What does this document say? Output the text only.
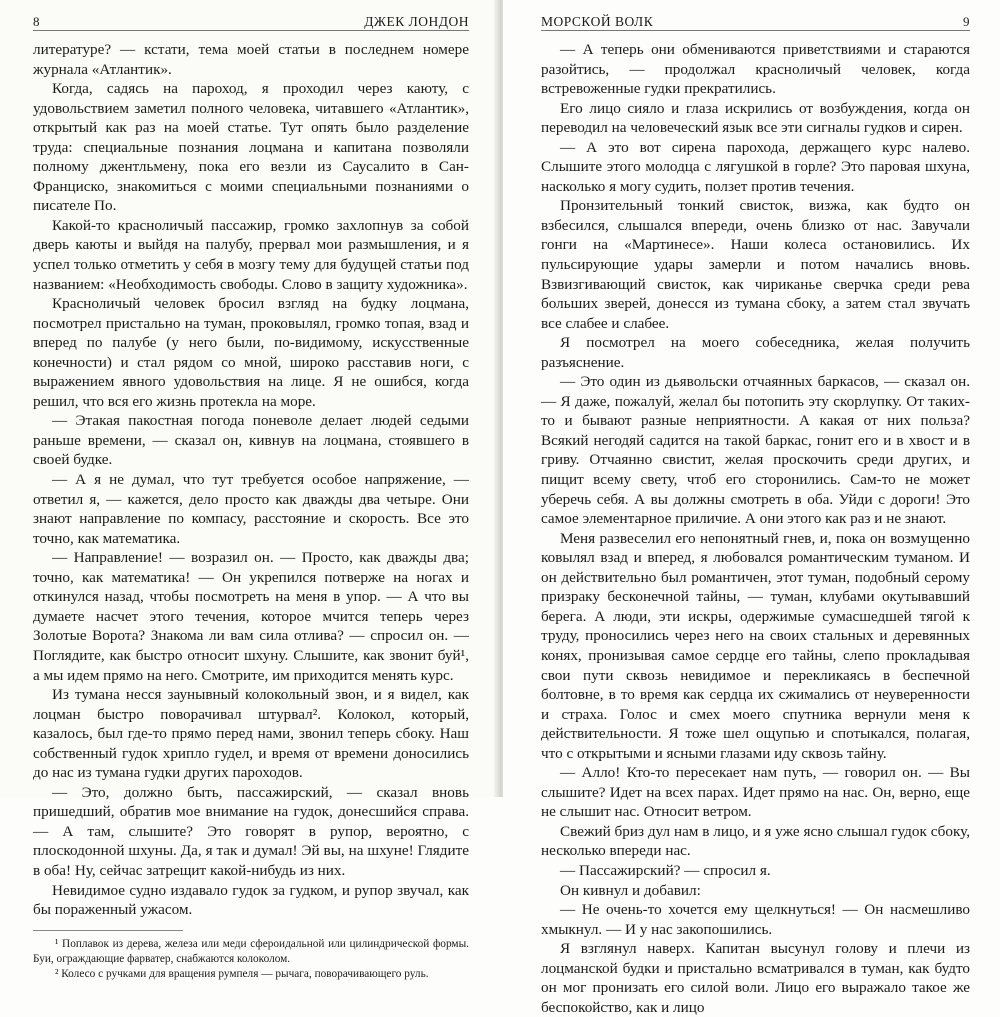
8	ДЖЕК ЛОНДОН

литературе? — кстати, тема моей статьи в последнем номере журнала «Атлантик».

Когда, садясь на пароход, я проходил через каюту, с удовольствием заметил полного человека, читавшего «Атлантик», открытый как раз на моей статье. Тут опять было разделение труда: специальные познания лоцмана и капитана позволяли полному джентльмену, пока его везли из Саусалито в Сан-Франциско, знакомиться с моими специальными познаниями о писателе По.

Какой-то красноличый пассажир, громко захлопнув за собой дверь каюты и выйдя на палубу, прервал мои размышления, и я успел только отметить у себя в мозгу тему для будущей статьи под названием: «Необходимость свободы. Слово в защиту художника».

Красноличый человек бросил взгляд на будку лоцмана, посмотрел пристально на туман, проковылял, громко топая, взад и вперед по палубе (у него были, по-видимому, искусственные конечности) и стал рядом со мной, широко расставив ноги, с выражением явного удовольствия на лице. Я не ошибся, когда решил, что вся его жизнь протекла на море.

— Этакая пакостная погода поневоле делает людей седыми раньше времени, — сказал он, кивнув на лоцмана, стоявшего в своей будке.

— А я не думал, что тут требуется особое напряжение, — ответил я, — кажется, дело просто как дважды два четыре. Они знают направление по компасу, расстояние и скорость. Все это точно, как математика.

— Направление! — возразил он. — Просто, как дважды два; точно, как математика! — Он укрепился потверже на ногах и откинулся назад, чтобы посмотреть на меня в упор. — А что вы думаете насчет этого течения, которое мчится теперь через Золотые Ворота? Знакома ли вам сила отлива? — спросил он. — Поглядите, как быстро относит шхуну. Слышите, как звонит буй¹, а мы идем прямо на него. Смотрите, им приходится менять курс.

Из тумана несся заунывный колокольный звон, и я видел, как лоцман быстро поворачивал штурвал². Колокол, который, казалось, был где-то прямо перед нами, звонил теперь сбоку. Наш собственный гудок хрипло гудел, и время от времени доносились до нас из тумана гудки других пароходов.

— Это, должно быть, пассажирский, — сказал вновь пришедший, обратив мое внимание на гудок, донесшийся справа. — А там, слышите? Это говорят в рупор, вероятно, с плоскодонной шхуны. Да, я так и думал! Эй вы, на шхуне! Глядите в оба! Ну, сейчас затрещит какой-нибудь из них.

Невидимое судно издавало гудок за гудком, и рупор звучал, как бы пораженный ужасом.

¹ Поплавок из дерева, железа или меди сфероидальной или цилиндрической формы. Буи, ограждающие фарватер, снабжаются колоколом.

² Колесо с ручками для вращения румпеля — рычага, поворачивающего руль.

МОРСКОЙ ВОЛК	9

— А теперь они обмениваются приветствиями и стараются разойтись, — продолжал красноличый человек, когда встревоженные гудки прекратились.

Его лицо сияло и глаза искрились от возбуждения, когда он переводил на человеческий язык все эти сигналы гудков и сирен.

— А это вот сирена парохода, держащего курс налево. Слышите этого молодца с лягушкой в горле? Это паровая шхуна, насколько я могу судить, ползет против течения.

Пронзительный тонкий свисток, визжа, как будто он взбесился, слышался впереди, очень близко от нас. Завучали гонги на «Мартинесе». Наши колеса остановились. Их пульсирующие удары замерли и потом начались вновь. Взвизгивающий свисток, как чириканье сверчка среди рева больших зверей, донесся из тумана сбоку, а затем стал звучать все слабее и слабее.

Я посмотрел на моего собеседника, желая получить разъяснение.

— Это один из дьявольски отчаянных баркасов, — сказал он. — Я даже, пожалуй, желал бы потопить эту скорлупку. От таких-то и бывают разные неприятности. А какая от них польза? Всякий негодяй садится на такой баркас, гонит его и в хвост и в гриву. Отчаянно свистит, желая проскочить среди других, и пищит всему свету, чтоб его сторонились. Сам-то не может уберечь себя. А вы должны смотреть в оба. Уйди с дороги! Это самое элементарное приличие. А они этого как раз и не знают.

Меня развеселил его непонятный гнев, и, пока он возмущенно ковылял взад и вперед, я любовался романтическим туманом. И он действительно был романтичен, этот туман, подобный серому призраку бесконечной тайны, — туман, клубами окутывавший берега. А люди, эти искры, одержимые сумасшедшей тягой к труду, проносились через него на своих стальных и деревянных конях, пронизывая самое сердце его тайны, слепо прокладывая свои пути сквозь невидимое и перекликаясь в беспечной болтовне, в то время как сердца их сжимались от неуверенности и страха. Голос и смех моего спутника вернули меня к действительности. Я тоже шел ощупью и спотыкался, полагая, что с открытыми и ясными глазами иду сквозь тайну.

— Алло! Кто-то пересекает нам путь, — говорил он. — Вы слышите? Идет на всех парах. Идет прямо на нас. Он, верно, еще не слышит нас. Относит ветром.

Свежий бриз дул нам в лицо, и я уже ясно слышал гудок сбоку, несколько впереди нас.

— Пассажирский? — спросил я.

Он кивнул и добавил:

— Не очень-то хочется ему щелкнуться! — Он насмешливо хмыкнул. — И у нас закопошились.

Я взглянул наверх. Капитан высунул голову и плечи из лоцманской будки и пристально всматривался в туман, как будто он мог пронизать его силой воли. Лицо его выражало такое же беспокойство, как и лицо
